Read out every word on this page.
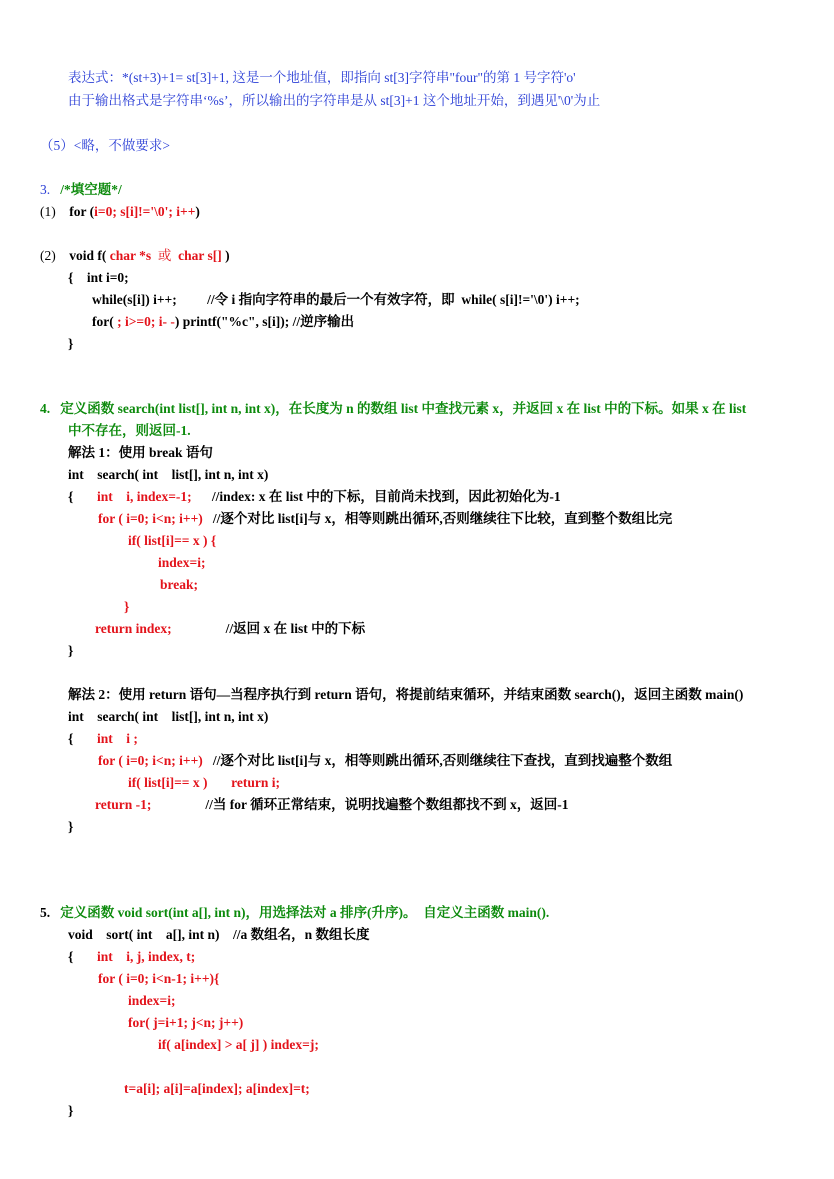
表达式：*(st+3)+1= st[3]+1, 这是一个地址值，即指向 st[3]字符串"four"的第 1 号字符'o'
由于输出格式是字符串‘%s’，所以输出的字符串是从 st[3]+1 这个地址开始，到遇见'\0'为止
（5）<略，不做要求>
3.   /*填空题*/
(1)    for (i=0; s[i]!='\0'; i++)
(2)    void f( char *s  或  char s[] )
{    int i=0;
while(s[i]) i++;         //令 i 指向字符串的最后一个有效字符，即  while( s[i]!='\0') i++;
for( ; i>=0; i- -) printf("%c", s[i]); //逆序输出
}
4.   定义函数 search(int list[], int n, int x)，在长度为 n 的数组 list 中查找元素 x，并返回 x 在 list 中的下标。如果 x 在 list
中不存在，则返回-1.
解法 1：使用 break 语句
int    search( int    list[], int n, int x)
{       int    i, index=-1;      //index: x 在 list 中的下标，目前尚未找到，因此初始化为-1
for ( i=0; i<n; i++)   //逐个对比 list[i]与 x，相等则跳出循环,否则继续往下比较，直到整个数组比完
if( list[i]== x ) {
index=i;
break;
}
return index;                //返回 x 在 list 中的下标
}
解法 2：使用 return 语句—当程序执行到 return 语句，将提前结束循环，并结束函数 search()，返回主函数 main()
int    search( int    list[], int n, int x)
{       int    i ;
for ( i=0; i<n; i++)   //逐个对比 list[i]与 x，相等则跳出循环,否则继续往下查找，直到找遍整个数组
if( list[i]== x )       return i;
return -1;                //当 for 循环正常结束，说明找遍整个数组都找不到 x，返回-1
}
5.   定义函数 void sort(int a[], int n)，用选择法对 a 排序(升序)。  自定义主函数 main().
void    sort( int    a[], int n)    //a 数组名，n 数组长度
{       int    i, j, index, t;
for ( i=0; i<n-1; i++){
index=i;
for( j=i+1; j<n; j++)
if( a[index] > a[ j] ) index=j;
t=a[i]; a[i]=a[index]; a[index]=t;
}
